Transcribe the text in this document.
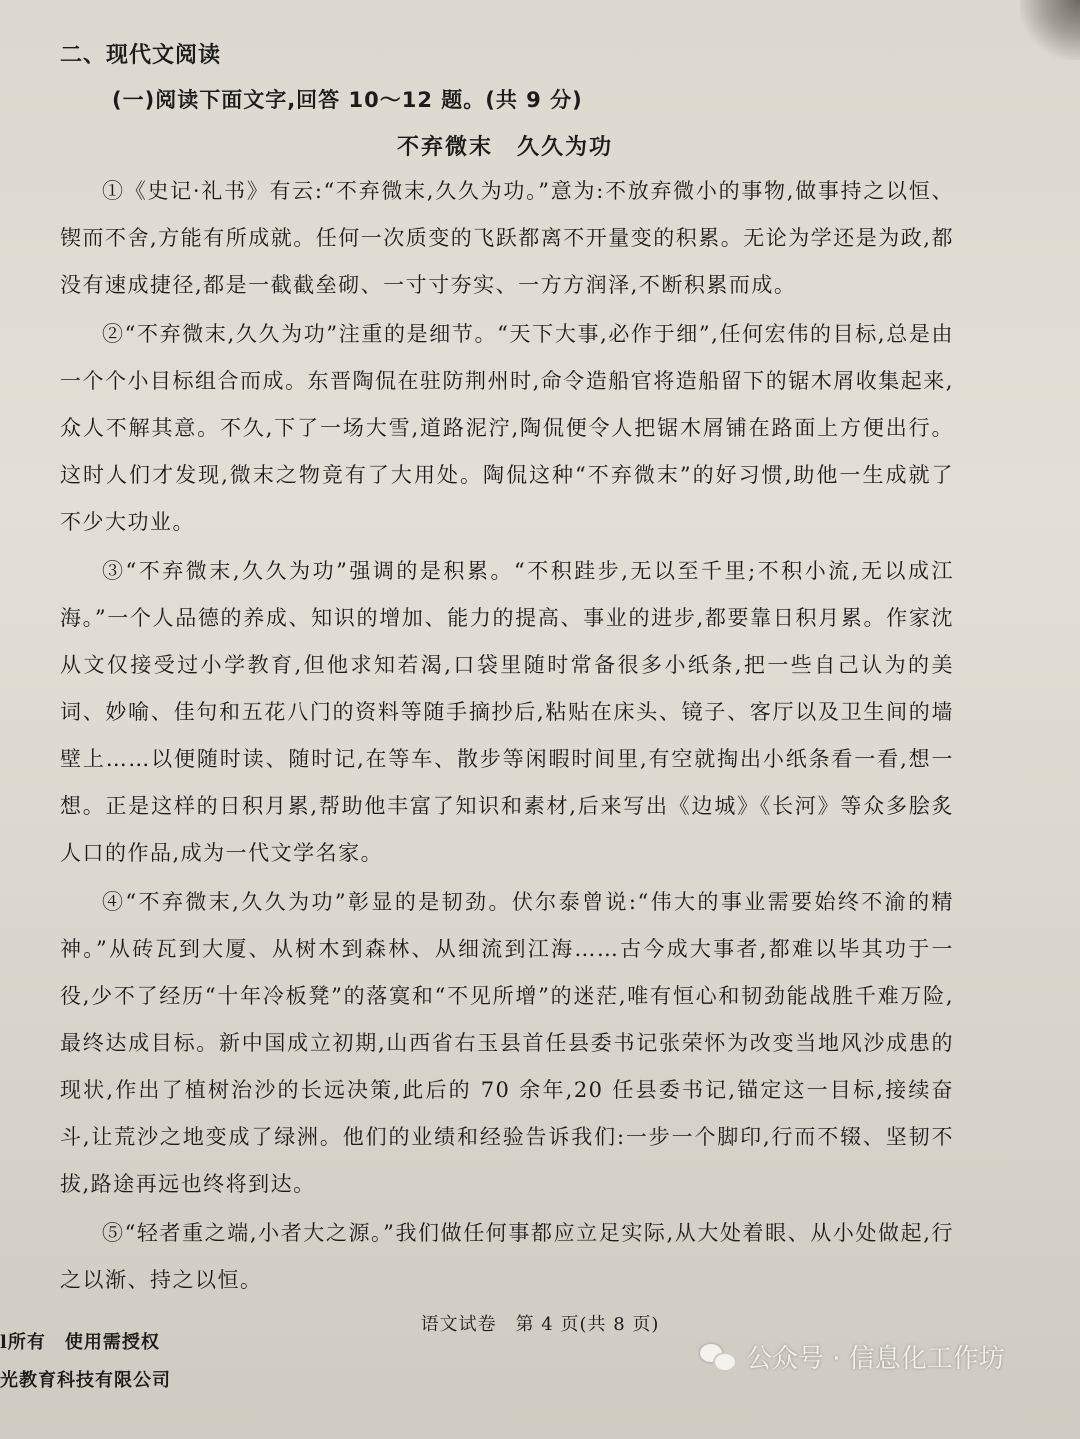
二、现代文阅读
(一)阅读下面文字,回答 10～12 题。(共 9 分)
不弃微末　久久为功

①《史记·礼书》有云:“不弃微末,久久为功。”意为:不放弃微小的事物,做事持之以恒、锲而不舍,方能有所成就。任何一次质变的飞跃都离不开量变的积累。无论为学还是为政,都没有速成捷径,都是一截截垒砌、一寸寸夯实、一方方润泽,不断积累而成。

②“不弃微末,久久为功”注重的是细节。“天下大事,必作于细”,任何宏伟的目标,总是由一个个小目标组合而成。东晋陶侃在驻防荆州时,命令造船官将造船留下的锯木屑收集起来,众人不解其意。不久,下了一场大雪,道路泥泞,陶侃便令人把锯木屑铺在路面上方便出行。这时人们才发现,微末之物竟有了大用处。陶侃这种“不弃微末”的好习惯,助他一生成就了不少大功业。

③“不弃微末,久久为功”强调的是积累。“不积跬步,无以至千里;不积小流,无以成江海。”一个人品德的养成、知识的增加、能力的提高、事业的进步,都要靠日积月累。作家沈从文仅接受过小学教育,但他求知若渴,口袋里随时常备很多小纸条,把一些自己认为的美词、妙喻、佳句和五花八门的资料等随手摘抄后,粘贴在床头、镜子、客厅以及卫生间的墙壁上……以便随时读、随时记,在等车、散步等闲暇时间里,有空就掏出小纸条看一看,想一想。正是这样的日积月累,帮助他丰富了知识和素材,后来写出《边城》《长河》等众多脍炙人口的作品,成为一代文学名家。

④“不弃微末,久久为功”彰显的是韧劲。伏尔泰曾说:“伟大的事业需要始终不渝的精神。”从砖瓦到大厦、从树木到森林、从细流到江海……古今成大事者,都难以毕其功于一役,少不了经历“十年冷板凳”的落寞和“不见所增”的迷茫,唯有恒心和韧劲能战胜千难万险,最终达成目标。新中国成立初期,山西省右玉县首任县委书记张荣怀为改变当地风沙成患的现状,作出了植树治沙的长远决策,此后的 70 余年,20 任县委书记,锚定这一目标,接续奋斗,让荒沙之地变成了绿洲。他们的业绩和经验告诉我们:一步一个脚印,行而不辍、坚韧不拔,路途再远也终将到达。

⑤“轻者重之端,小者大之源。”我们做任何事都应立足实际,从大处着眼、从小处做起,行之以渐、持之以恒。

语文试卷　第 4 页(共 8 页)
l所有　使用需授权
光教育科技有限公司
公众号 · 信息化工作坊
